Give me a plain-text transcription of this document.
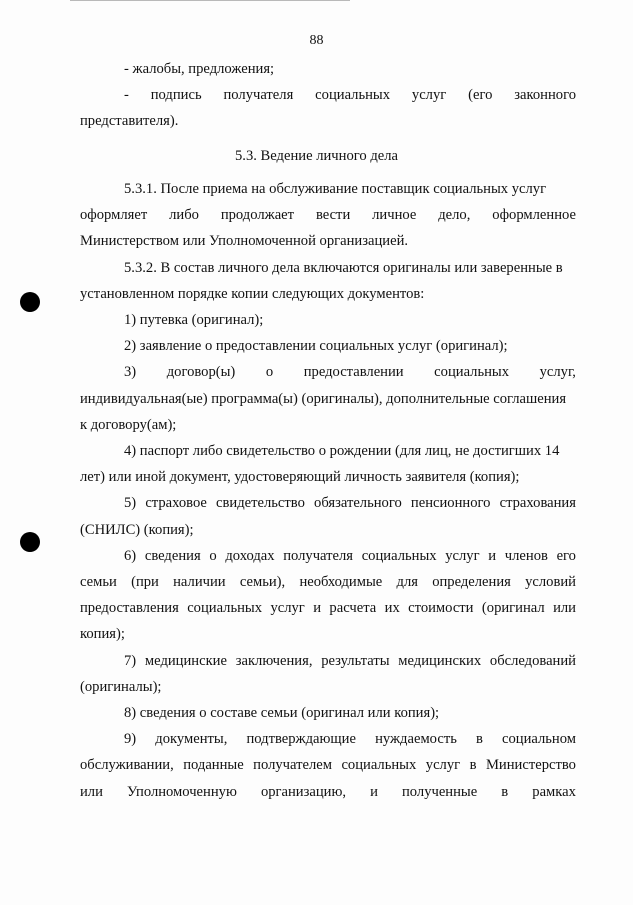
88
- жалобы, предложения;
- подпись получателя социальных услуг (его законного
представителя).
5.3. Ведение личного дела
5.3.1. После приема на обслуживание поставщик социальных услуг
оформляет либо продолжает вести личное дело, оформленное
Министерством или Уполномоченной организацией.
5.3.2. В состав личного дела включаются оригиналы или заверенные в
установленном порядке копии следующих документов:
1) путевка (оригинал);
2) заявление о предоставлении социальных услуг (оригинал);
3) договор(ы) о предоставлении социальных услуг,
индивидуальная(ые) программа(ы) (оригиналы), дополнительные соглашения
к договору(ам);
4) паспорт либо свидетельство о рождении (для лиц, не достигших 14
лет) или иной документ, удостоверяющий личность заявителя (копия);
5) страховое свидетельство обязательного пенсионного страхования
(СНИЛС) (копия);
6) сведения о доходах получателя социальных услуг и членов его
семьи (при наличии семьи), необходимые для определения условий
предоставления социальных услуг и расчета их стоимости (оригинал или
копия);
7) медицинские заключения, результаты медицинских обследований
(оригиналы);
8) сведения о составе семьи (оригинал или копия);
9) документы, подтверждающие нуждаемость в социальном
обслуживании, поданные получателем социальных услуг в Министерство
или Уполномоченную организацию, и полученные в рамках
